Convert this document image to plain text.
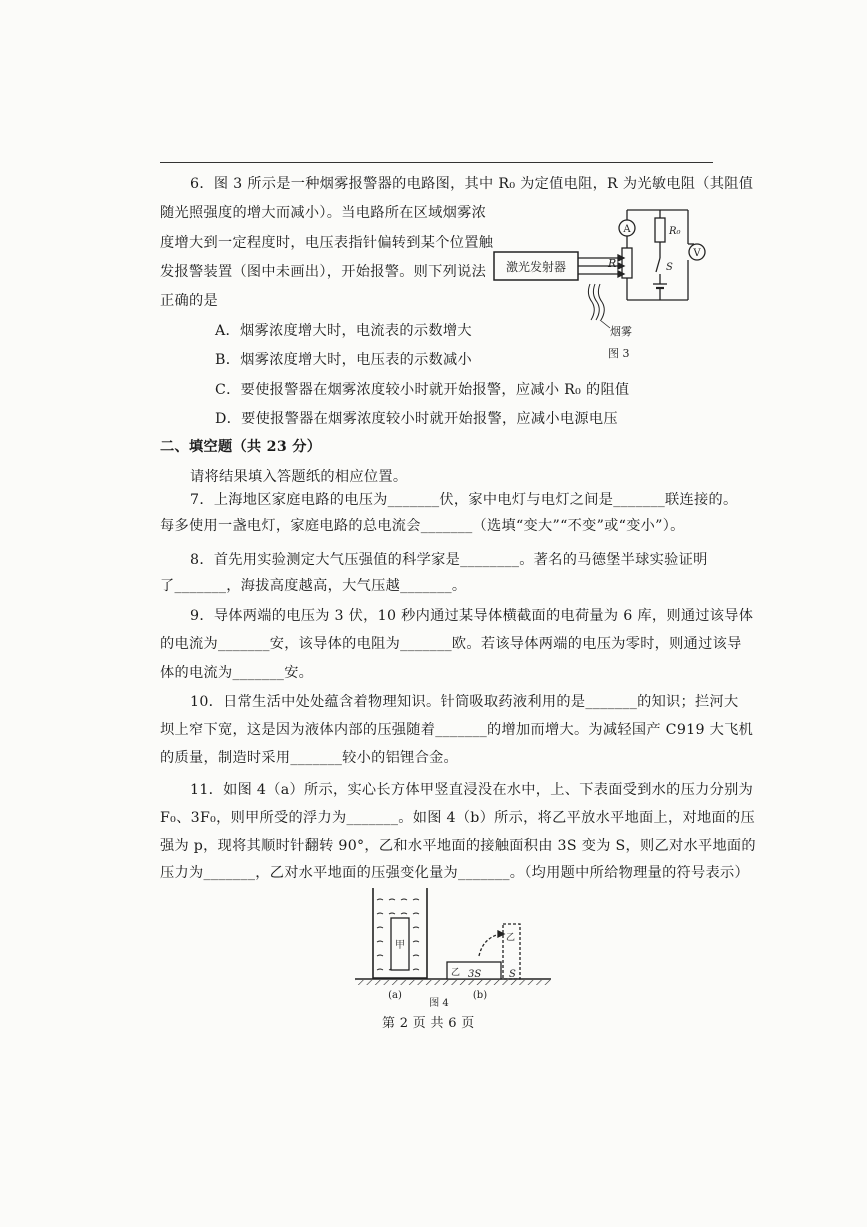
6．图 3 所示是一种烟雾报警器的电路图，其中 R₀ 为定值电阻，R 为光敏电阻（其阻值
随光照强度的增大而减小）。当电路所在区域烟雾浓
度增大到一定程度时，电压表指针偏转到某个位置触
发报警装置（图中未画出），开始报警。则下列说法
正确的是
A．烟雾浓度增大时，电流表的示数增大
B．烟雾浓度增大时，电压表的示数减小
C．要使报警器在烟雾浓度较小时就开始报警，应减小 R₀ 的阻值
D．要使报警器在烟雾浓度较小时就开始报警，应减小电源电压
激光发射器
A
R
R₀
S
V
烟雾
图 3
二、填空题（共 23 分）
请将结果填入答题纸的相应位置。
7．上海地区家庭电路的电压为_______伏，家中电灯与电灯之间是_______联连接的。
每多使用一盏电灯，家庭电路的总电流会_______（选填“变大”“不变”或“变小”）。
8．首先用实验测定大气压强值的科学家是________。著名的马德堡半球实验证明
了_______，海拔高度越高，大气压越_______。
9．导体两端的电压为 3 伏，10 秒内通过某导体横截面的电荷量为 6 库，则通过该导体
的电流为_______安，该导体的电阻为_______欧。若该导体两端的电压为零时，则通过该导
体的电流为_______安。
10．日常生活中处处蕴含着物理知识。针筒吸取药液利用的是_______的知识；拦河大
坝上窄下宽，这是因为液体内部的压强随着_______的增加而增大。为减轻国产 C919 大飞机
的质量，制造时采用_______较小的铝锂合金。
11．如图 4（a）所示，实心长方体甲竖直浸没在水中，上、下表面受到水的压力分别为
F₀、3F₀，则甲所受的浮力为_______。如图 4（b）所示，将乙平放水平地面上，对地面的压
强为 p，现将其顺时针翻转 90°，乙和水平地面的接触面积由 3S 变为 S，则乙对水平地面的
压力为_______，乙对水平地面的压强变化量为_______。（均用题中所给物理量的符号表示）
甲
乙 3S
乙
S
(a)	(b)
图 4
第 2 页 共 6 页
